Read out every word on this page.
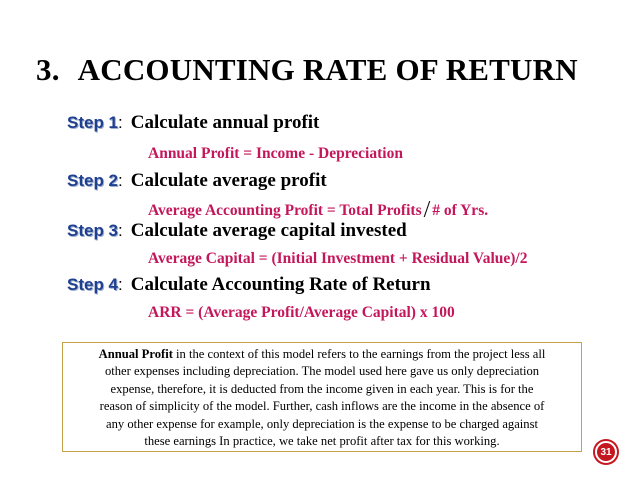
3. ACCOUNTING RATE OF RETURN
Step 1: Calculate annual profit
Annual Profit = Income - Depreciation
Step 2: Calculate average profit
Average Accounting Profit = Total Profits/ # of Yrs.
Step 3: Calculate average capital invested
Average Capital = (Initial Investment + Residual Value)/2
Step 4: Calculate Accounting Rate of Return
ARR = (Average Profit/Average Capital) x 100
Annual Profit in the context of this model refers to the earnings from the project less all
other expenses including depreciation. The model used here gave us only depreciation
expense, therefore, it is deducted from the income given in each year. This is for the
reason of simplicity of the model. Further, cash inflows are the income in the absence of
any other expense for example, only depreciation is the expense to be charged against
these earnings In practice, we take net profit after tax for this working.
31
